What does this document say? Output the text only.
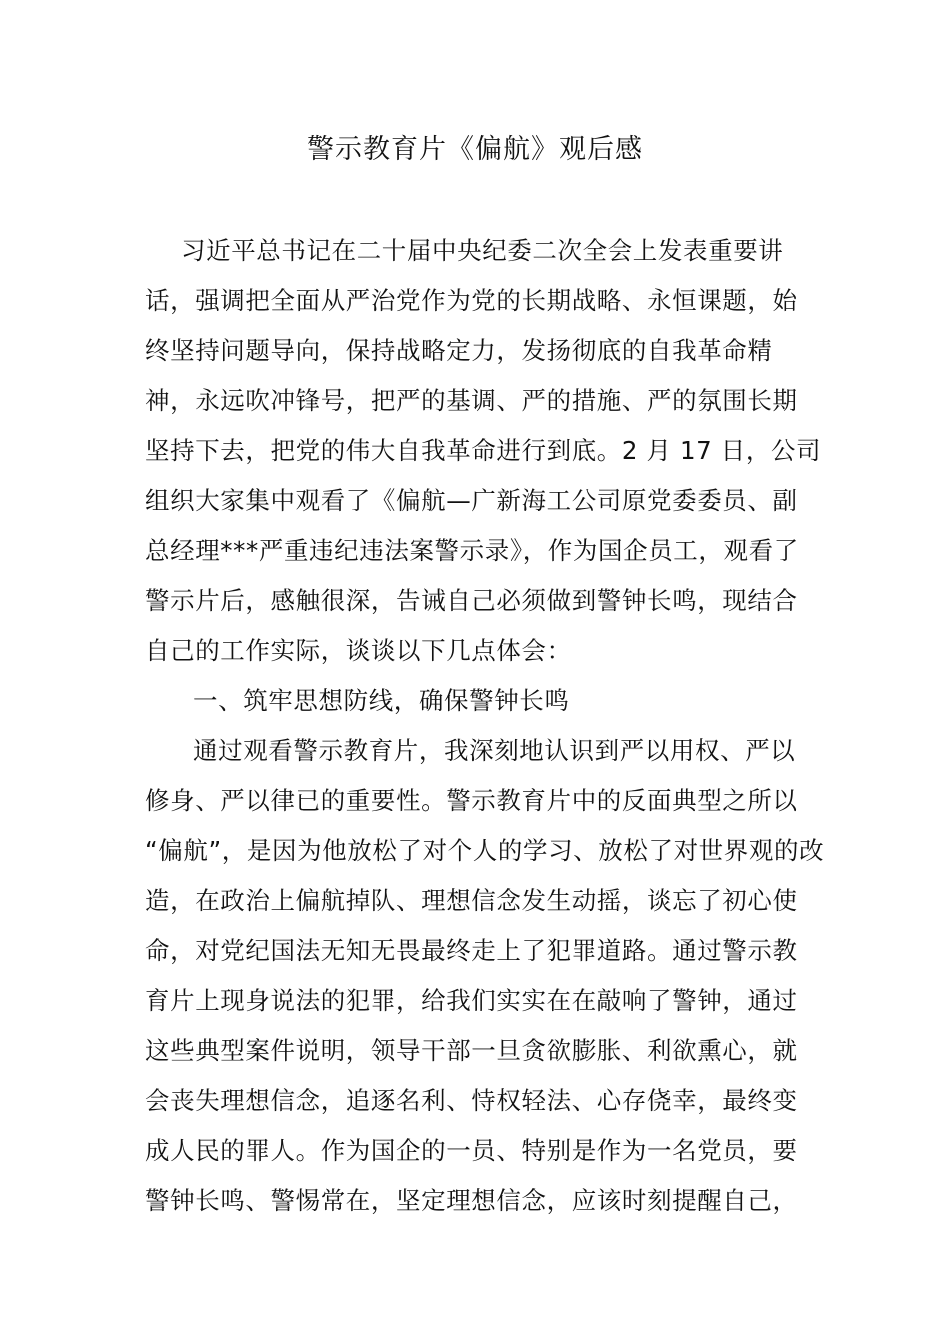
警示教育片《偏航》观后感
习近平总书记在二十届中央纪委二次全会上发表重要讲
话，强调把全面从严治党作为党的长期战略、永恒课题，始
终坚持问题导向，保持战略定力，发扬彻底的自我革命精
神，永远吹冲锋号，把严的基调、严的措施、严的氛围长期
坚持下去，把党的伟大自我革命进行到底。2 月 17 日，公司
组织大家集中观看了《偏航—广新海工公司原党委委员、副
总经理***严重违纪违法案警示录》，作为国企员工，观看了
警示片后，感触很深，告诫自己必须做到警钟长鸣，现结合
自己的工作实际，谈谈以下几点体会：
一、筑牢思想防线，确保警钟长鸣
通过观看警示教育片，我深刻地认识到严以用权、严以
修身、严以律已的重要性。警示教育片中的反面典型之所以
“偏航”，是因为他放松了对个人的学习、放松了对世界观的改
造，在政治上偏航掉队、理想信念发生动摇，谈忘了初心使
命，对党纪国法无知无畏最终走上了犯罪道路。通过警示教
育片上现身说法的犯罪，给我们实实在在敲响了警钟，通过
这些典型案件说明，领导干部一旦贪欲膨胀、利欲熏心，就
会丧失理想信念，追逐名利、恃权轻法、心存侥幸，最终变
成人民的罪人。作为国企的一员、特别是作为一名党员，要
警钟长鸣、警惕常在，坚定理想信念，应该时刻提醒自己，
